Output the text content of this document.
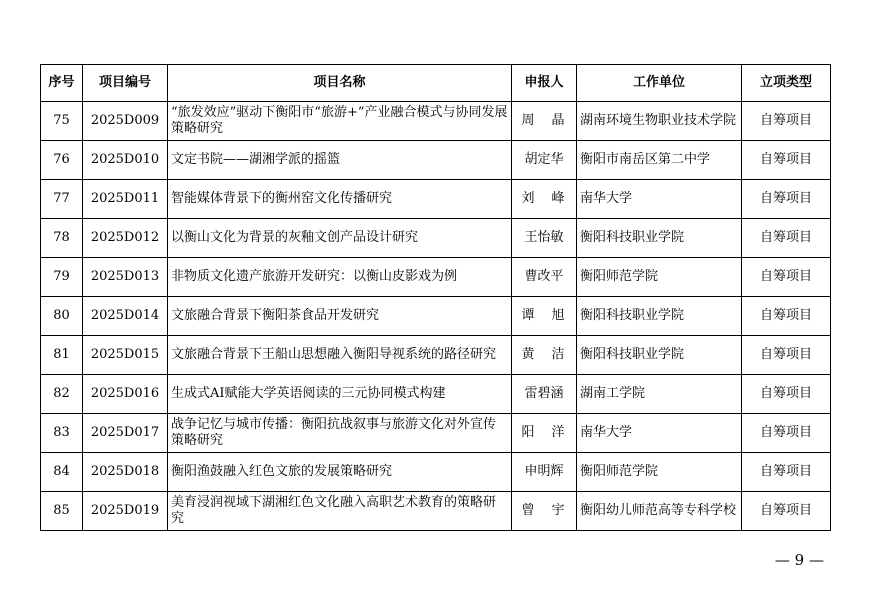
序号	项目编号	项目名称	申报人	工作单位	立项类型
75	2025D009	“旅发效应”驱动下衡阳市“旅游+”产业融合模式与协同发展策略研究	周　晶	湖南环境生物职业技术学院	自筹项目
76	2025D010	文定书院——湖湘学派的摇篮	胡定华	衡阳市南岳区第二中学	自筹项目
77	2025D011	智能媒体背景下的衡州窑文化传播研究	刘　峰	南华大学	自筹项目
78	2025D012	以衡山文化为背景的灰釉文创产品设计研究	王怡敏	衡阳科技职业学院	自筹项目
79	2025D013	非物质文化遗产旅游开发研究：以衡山皮影戏为例	曹改平	衡阳师范学院	自筹项目
80	2025D014	文旅融合背景下衡阳茶食品开发研究	谭　旭	衡阳科技职业学院	自筹项目
81	2025D015	文旅融合背景下王船山思想融入衡阳导视系统的路径研究	黄　洁	衡阳科技职业学院	自筹项目
82	2025D016	生成式AI赋能大学英语阅读的三元协同模式构建	雷碧涵	湖南工学院	自筹项目
83	2025D017	战争记忆与城市传播：衡阳抗战叙事与旅游文化对外宣传策略研究	阳　洋	南华大学	自筹项目
84	2025D018	衡阳渔鼓融入红色文旅的发展策略研究	申明辉	衡阳师范学院	自筹项目
85	2025D019	美育浸润视域下湖湘红色文化融入高职艺术教育的策略研究	曾　宇	衡阳幼儿师范高等专科学校	自筹项目
— 9 —
